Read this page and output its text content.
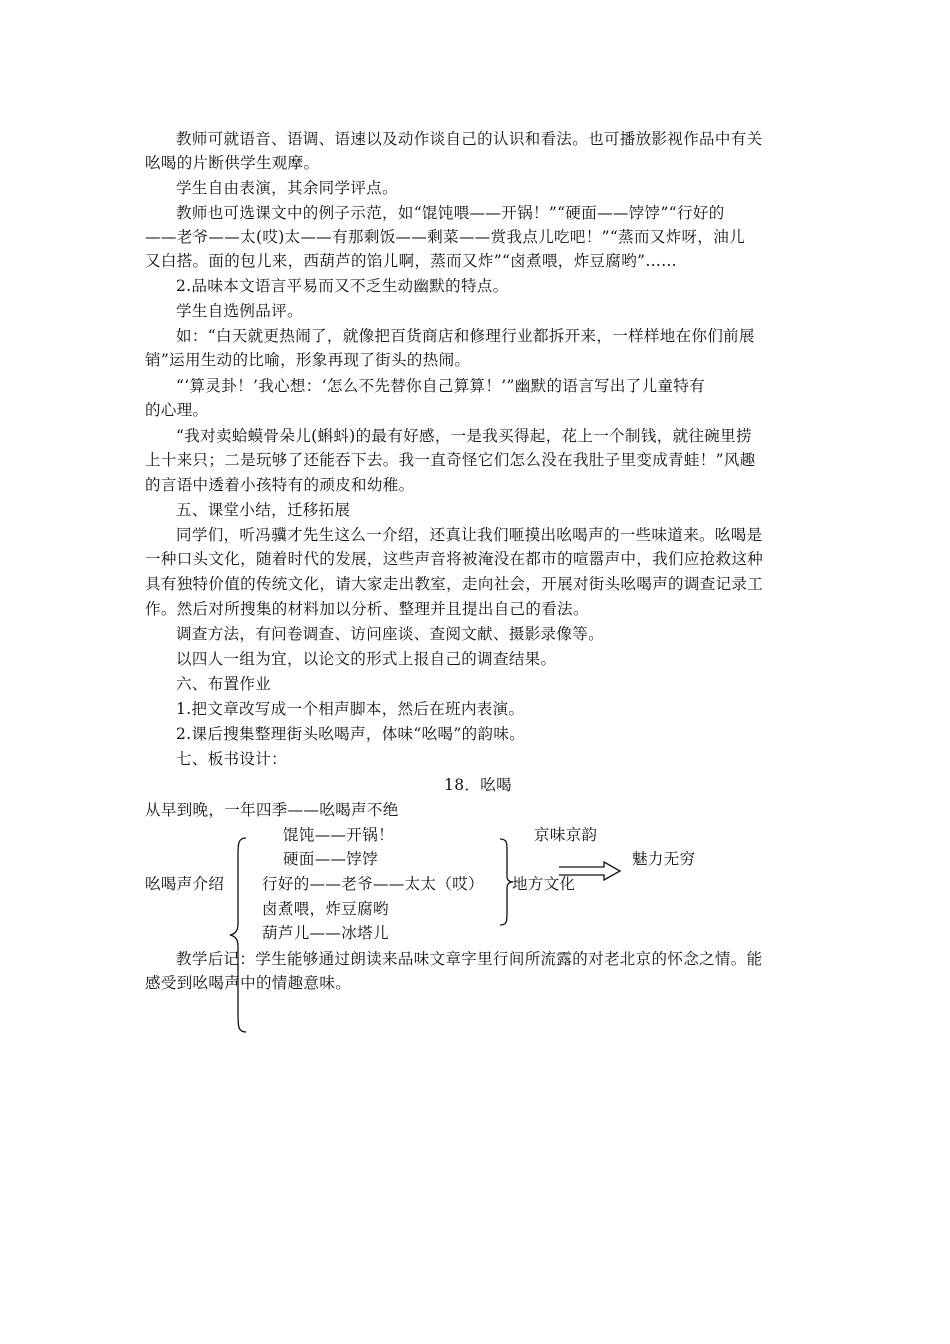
教师可就语音、语调、语速以及动作谈自己的认识和看法。也可播放影视作品中有关
吆喝的片断供学生观摩。
学生自由表演，其余同学评点。
教师也可选课文中的例子示范，如“馄饨喂——开锅！”“硬面——饽饽”“行好的
——老爷——太(哎)太——有那剩饭——剩菜——赏我点儿吃吧！”“蒸而又炸呀，油儿
又白搭。面的包儿来，西葫芦的馅儿啊，蒸而又炸”“卤煮喂，炸豆腐哟”……
2.品味本文语言平易而又不乏生动幽默的特点。
学生自选例品评。
如：“白天就更热闹了，就像把百货商店和修理行业都拆开来，一样样地在你们前展
销”运用生动的比喻，形象再现了街头的热闹。
“‘算灵卦！’我心想：‘怎么不先替你自己算算！’”幽默的语言写出了儿童特有
的心理。
“我对卖蛤蟆骨朵儿(蝌蚪)的最有好感，一是我买得起，花上一个制钱，就往碗里捞
上十来只；二是玩够了还能吞下去。我一直奇怪它们怎么没在我肚子里变成青蛙！”风趣
的言语中透着小孩特有的顽皮和幼稚。
五、课堂小结，迁移拓展
同学们，听冯骥才先生这么一介绍，还真让我们咂摸出吆喝声的一些味道来。吆喝是
一种口头文化，随着时代的发展，这些声音将被淹没在都市的喧嚣声中，我们应抢救这种
具有独特价值的传统文化，请大家走出教室，走向社会，开展对街头吆喝声的调查记录工
作。然后对所搜集的材料加以分析、整理并且提出自己的看法。
调查方法，有问卷调查、访问座谈、查阅文献、摄影录像等。
以四人一组为宜，以论文的形式上报自己的调查结果。
六、布置作业
1.把文章改写成一个相声脚本，然后在班内表演。
2.课后搜集整理街头吆喝声，体味“吆喝”的韵味。
七、板书设计：
18．吆喝
从早到晚，一年四季——吆喝声不绝
馄饨——开锅！
硬面——饽饽
行好的——老爷——太太（哎）
卤煮喂，炸豆腐哟
葫芦儿——冰塔儿
吆喝声介绍
京味京韵
地方文化
魅力无穷
教学后记：学生能够通过朗读来品味文章字里行间所流露的对老北京的怀念之情。能
感受到吆喝声中的情趣意味。
